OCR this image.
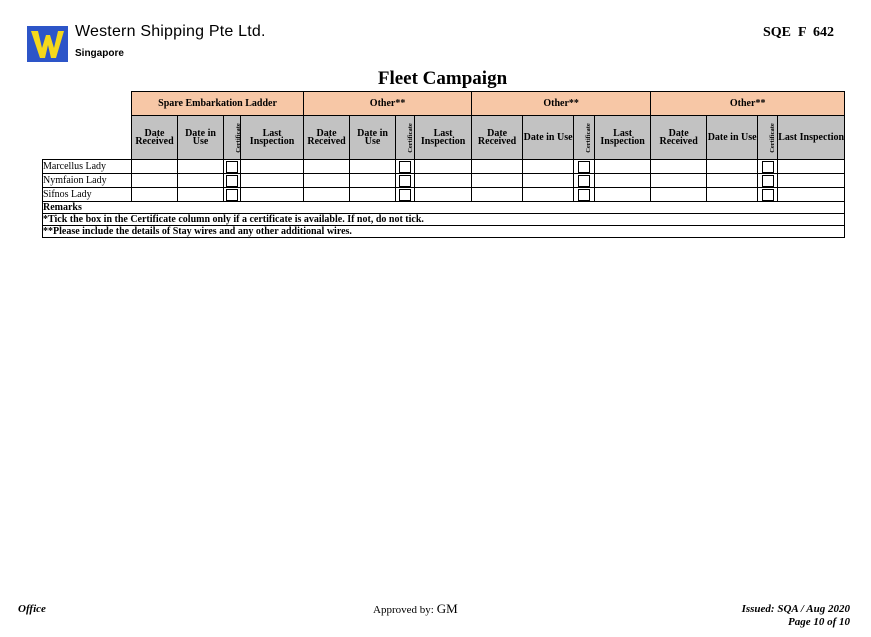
Western Shipping Pte Ltd.
Singapore
SQE  F  642
Fleet Campaign
	Spare Embarkation Ladder				Other**				Other**				Other**			
	Date Received	Date in Use	Certificate	Last Inspection	Date Received	Date in Use	Certificate	Last Inspection	Date Received	Date in Use	Certificate	Last Inspection	Date Received	Date in Use	Certificate	Last Inspection
Marcellus Lady																
Nymfaion Lady																
Sifnos Lady																
Remarks																
*Tick the box in the Certificate column only if a certificate is available. If not, do not tick.																
**Please include the details of Stay wires and any other additional wires.																
Office	Approved by: GM	Issued: SQA / Aug 2020
Page 10 of 10
